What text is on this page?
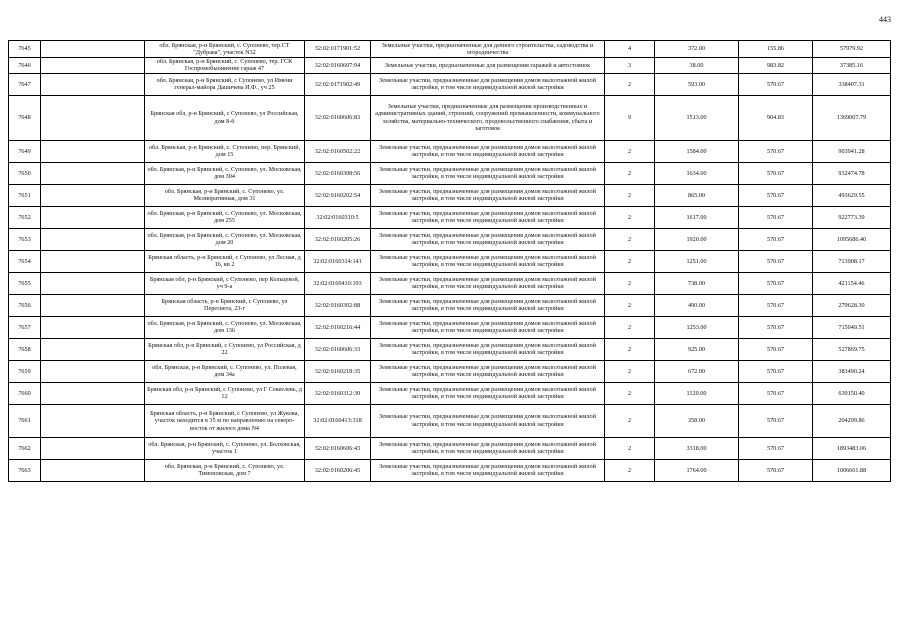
443
7645		обл. Брянская, р-н Брянский, с. Супонево, тер.СТ "Дубрава", участок N32	32:02:0171901:52	Земельные участки, предназначенные для дачного строительства, садоводства и огородничества	4	372.00	155.86	57979.92
7646		обл. Брянская, р-н Брянский, с. Супонево, тер. ГСК Госпромобыоинение гараж 47	32:02:0160607:94	Земельные участки, предназначенные для размещения гаражей и автостоянок	3	38.00	983.82	37385.16
7647		обл. Брянская, р-н Брянский, с Супонево, ул Имени генерал-майора Дашичева И.Ф., уч 25	32:02:0171902:49	Земельные участки, предназначенные для размещения домов малоэтажной жилой застройки, в том числе индивидуальной жилой застройки	2	593.00	570.67	338407.31
7648		Брянская обл, р-н Брянский, с Супонево, ул Российская, дом 8-б	32:02:0160606:83	Земельные участки, предназначенные для размещения производственных и административных зданий, строений, сооружений промышленности, коммунального хозяйства, материально-технического, продовольственного снабжения, сбыта и заготовок	9	1513.00	904.83	1369007.79
7649		обл. Брянская, р-н Брянский, с. Супонево, пер. Брянский, дом 15	32:02:0160502:22	Земельные участки, предназначенные для размещения домов малоэтажной жилой застройки, в том числе индивидуальной жилой застройки	2	1584.00	570.67	903941.28
7650		обл. Брянская, р-н Брянский, с. Супонево, ул. Московская, дом 304	32:02:0160308:56	Земельные участки, предназначенные для размещения домов малоэтажной жилой застройки, в том числе индивидуальной жилой застройки	2	1634.00	570.67	932474.78
7651		обл. Брянская, р-н Брянский, с. Супонево, ул. Мелиоративная, дом 31	32:02:0160202:54	Земельные участки, предназначенные для размещения домов малоэтажной жилой застройки, в том числе индивидуальной жилой застройки	2	865.00	570.67	493629.55
7652		обл. Брянская, р-н Брянский, с. Супонево, ул. Московская, дом 255	32:02:0160310:5	Земельные участки, предназначенные для размещения домов малоэтажной жилой застройки, в том числе индивидуальной жилой застройки	2	1617.00	570.67	922773.39
7653		обл. Брянская, р-н Брянский, с. Супонево, ул. Московская, дом 20	32:02:0160205:26	Земельные участки, предназначенные для размещения домов малоэтажной жилой застройки, в том числе индивидуальной жилой застройки	2	1920.00	570.67	1095686.40
7654		Брянская область, р-н Брянский, с Супонево, ул Лесная, д 16, кв 2	32:02:0160314:141	Земельные участки, предназначенные для размещения домов малоэтажной жилой застройки, в том числе индивидуальной жилой застройки	2	1251.00	570.67	713908.17
7655		Брянская обл, р-н Брянский, с Супонево, пер Кольцевой, уч 9-а	32:02:0160410:193	Земельные участки, предназначенные для размещения домов малоэтажной жилой застройки, в том числе индивидуальной жилой застройки	2	738.00	570.67	421154.46
7656		Брянская область, р-н Брянский, с Супонево, ул Пересвета, 23-г	32:02:0160302:88	Земельные участки, предназначенные для размещения домов малоэтажной жилой застройки, в том числе индивидуальной жилой застройки	2	490.00	570.67	279628.30
7657		обл. Брянская, р-н Брянский, с. Супонево, ул. Московская, дом 136	32:02:0160216:44	Земельные участки, предназначенные для размещения домов малоэтажной жилой застройки, в том числе индивидуальной жилой застройки	2	1253.00	570.67	715049.51
7658		Брянская обл, р-н Брянский, с Супонево, ул Российская, д 22	32:02:0160606:33	Земельные участки, предназначенные для размещения домов малоэтажной жилой застройки, в том числе индивидуальной жилой застройки	2	925.00	570.67	527869.75
7659		обл. Брянская, р-н Брянский, с. Супонево, ул. Полевая, дом 34а	32:02:0160218:35	Земельные участки, предназначенные для размещения домов малоэтажной жилой застройки, в том числе индивидуальной жилой застройки	2	672.00	570.67	383490.24
7660		Брянская обл, р-н Брянский, с Супонево, ул Г Секеелевь, д 12	32:02:0160312:30	Земельные участки, предназначенные для размещения домов малоэтажной жилой застройки, в том числе индивидуальной жилой застройки	2	1120.00	570.67	639150.40
7661		Брянская область, р-н Брянский, с Супонево, ул Жукова, участок находится в 35 м по направлению на северо-восток от жилого дома N4	32:02:0160413:318	Земельные участки, предназначенные для размещения домов малоэтажной жилой застройки, в том числе индивидуальной жилой застройки	2	358.00	570.67	204299.86
7662		обл. Брянская, р-н Брянский, с. Супонево, ул. Болховская, участок 1	32:02:0160606:43	Земельные участки, предназначенные для размещения домов малоэтажной жилой застройки, в том числе индивидуальной жилой застройки	2	3318.00	570.67	1893483.06
7663		обл. Брянская, р-н Брянский, с. Супонево, ул. Тимоновская, дом 7	32:02:0160206:45	Земельные участки, предназначенные для размещения домов малоэтажной жилой застройки, в том числе индивидуальной жилой застройки	2	1764.00	570.67	1006661.88
